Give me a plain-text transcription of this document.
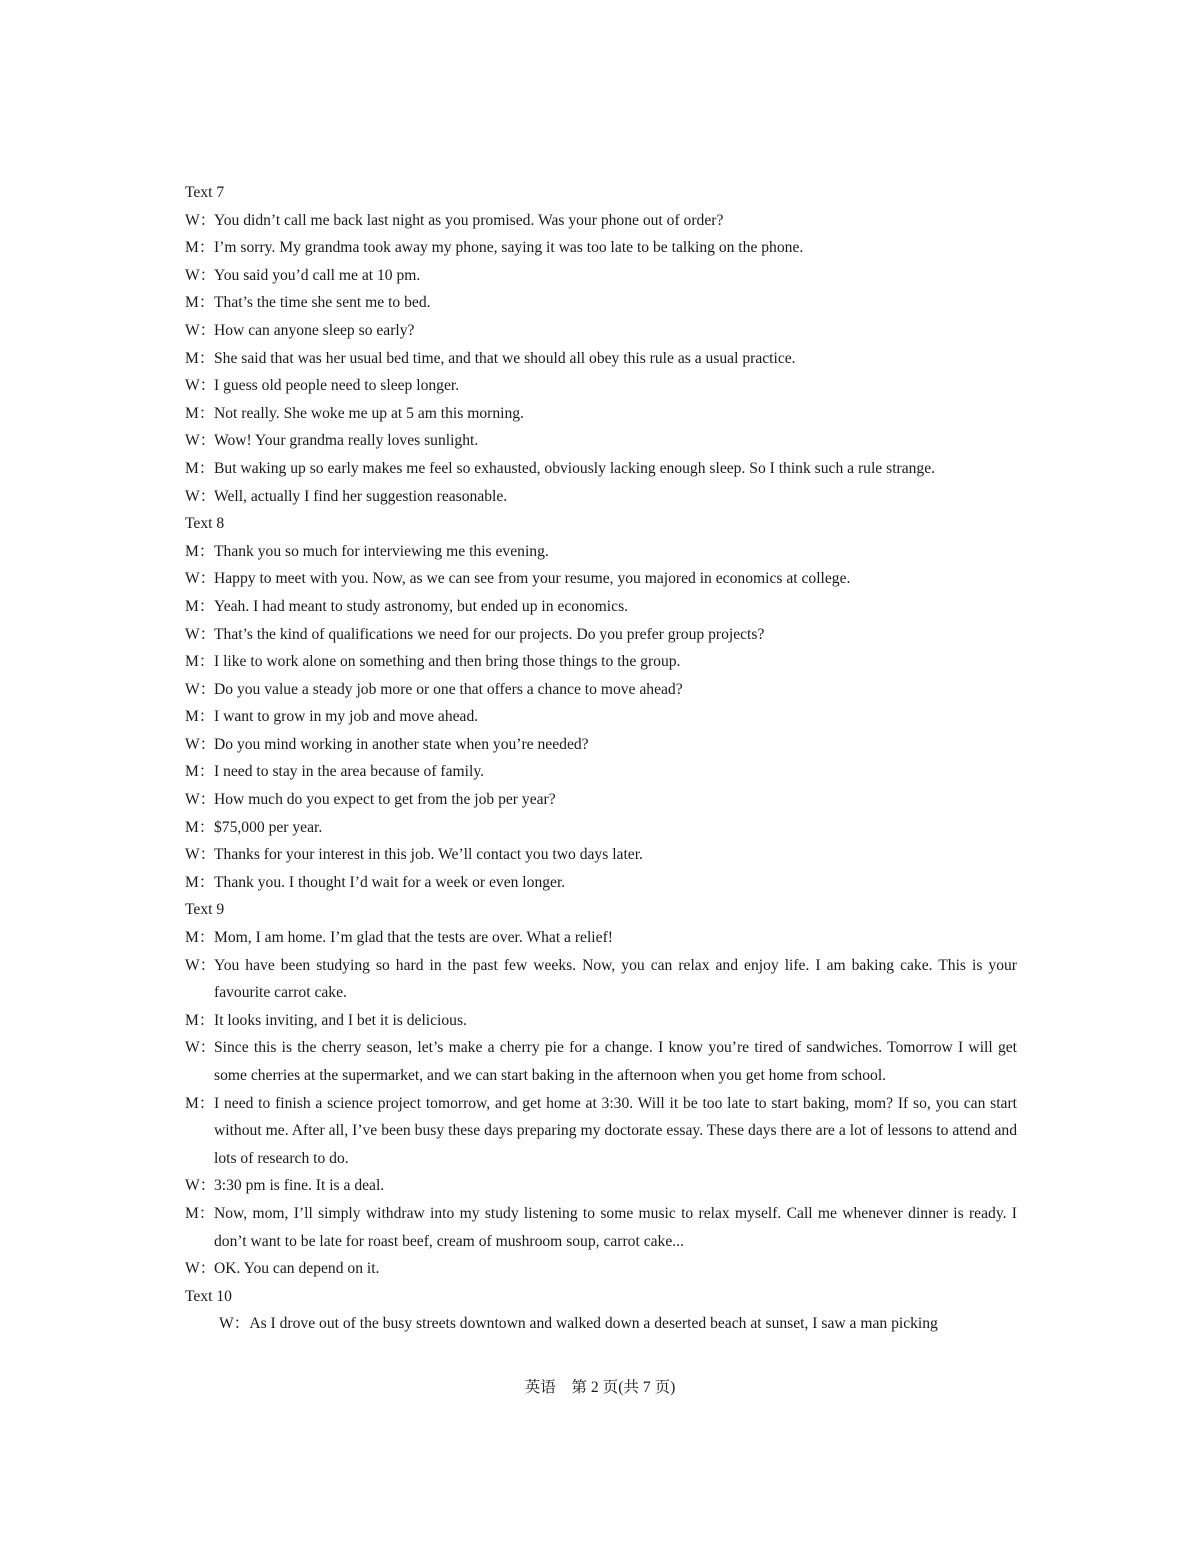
Text 7
W：You didn’t call me back last night as you promised. Was your phone out of order?
M：I’m sorry. My grandma took away my phone, saying it was too late to be talking on the phone.
W：You said you’d call me at 10 pm.
M：That’s the time she sent me to bed.
W：How can anyone sleep so early?
M：She said that was her usual bed time, and that we should all obey this rule as a usual practice.
W：I guess old people need to sleep longer.
M：Not really. She woke me up at 5 am this morning.
W：Wow! Your grandma really loves sunlight.
M：But waking up so early makes me feel so exhausted, obviously lacking enough sleep. So I think such a rule strange.
W：Well, actually I find her suggestion reasonable.
Text 8
M：Thank you so much for interviewing me this evening.
W：Happy to meet with you. Now, as we can see from your resume, you majored in economics at college.
M：Yeah. I had meant to study astronomy, but ended up in economics.
W：That’s the kind of qualifications we need for our projects. Do you prefer group projects?
M：I like to work alone on something and then bring those things to the group.
W：Do you value a steady job more or one that offers a chance to move ahead?
M：I want to grow in my job and move ahead.
W：Do you mind working in another state when you’re needed?
M：I need to stay in the area because of family.
W：How much do you expect to get from the job per year?
M：$75,000 per year.
W：Thanks for your interest in this job. We’ll contact you two days later.
M：Thank you. I thought I’d wait for a week or even longer.
Text 9
M：Mom, I am home. I’m glad that the tests are over. What a relief!
W：You have been studying so hard in the past few weeks. Now, you can relax and enjoy life. I am baking cake. This is your favourite carrot cake.
M：It looks inviting, and I bet it is delicious.
W：Since this is the cherry season, let’s make a cherry pie for a change. I know you’re tired of sandwiches. Tomorrow I will get some cherries at the supermarket, and we can start baking in the afternoon when you get home from school.
M：I need to finish a science project tomorrow, and get home at 3:30. Will it be too late to start baking, mom? If so, you can start without me. After all, I’ve been busy these days preparing my doctorate essay. These days there are a lot of lessons to attend and lots of research to do.
W：3:30 pm is fine. It is a deal.
M：Now, mom, I’ll simply withdraw into my study listening to some music to relax myself. Call me whenever dinner is ready. I don’t want to be late for roast beef, cream of mushroom soup, carrot cake...
W：OK. You can depend on it.
Text 10
W：As I drove out of the busy streets downtown and walked down a deserted beach at sunset, I saw a man picking
英语　第 2 页(共 7 页)
